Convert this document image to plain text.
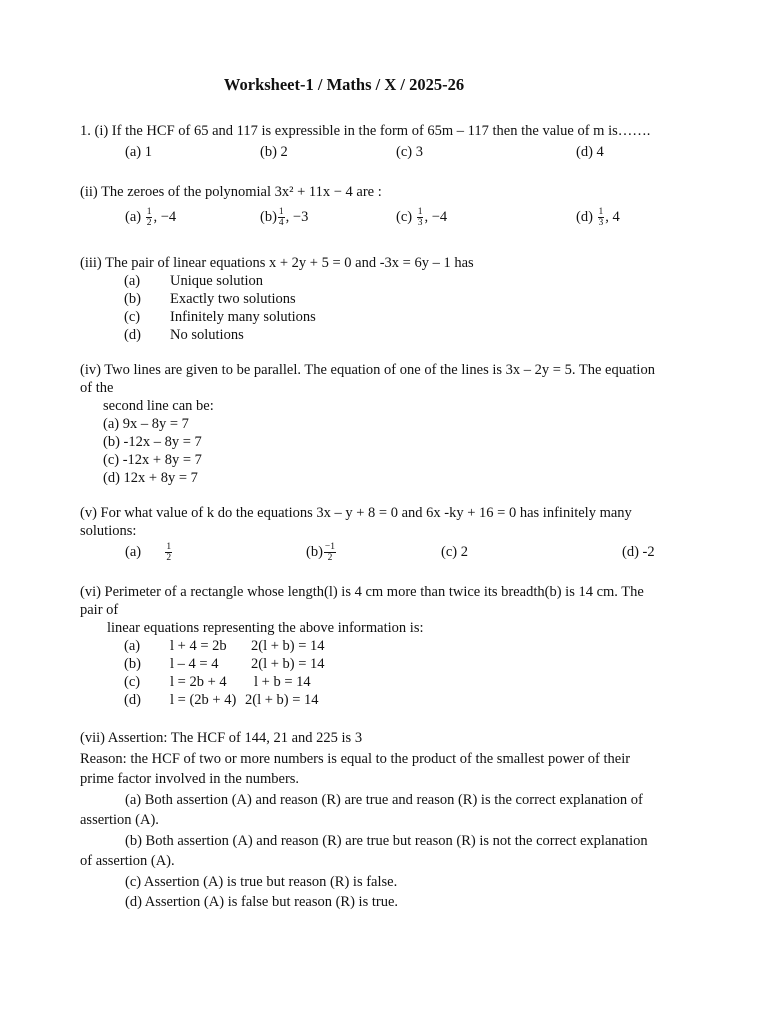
Worksheet-1 / Maths / X / 2025-26
1. (i) If the HCF of 65 and 117 is expressible in the form of 65m – 117 then the value of m is…….
(a) 1	(b) 2	(c) 3	(d) 4
(ii) The zeroes of the polynomial 3x² + 11x − 4 are :
$(a) \frac{1}{2}$ , −4	$(b) \frac{1}{4}$ , −3	$(c) \frac{1}{3}$ , −4	$(d) \frac{1}{3}$ , 4
(iii) The pair of linear equations x + 2y + 5 = 0 and -3x = 6y – 1 has
(a) Unique solution
(b) Exactly two solutions
(c) Infinitely many solutions
(d) No solutions
(iv) Two lines are given to be parallel. The equation of one of the lines is 3x – 2y = 5. The equation
of the
second line can be:
(a) 9x – 8y = 7
(b) -12x – 8y = 7
(c) -12x + 8y = 7
(d) 12x + 8y = 7
(v) For what value of k do the equations 3x – y + 8 = 0 and 6x -ky + 16 = 0 has infinitely many
solutions:
(a)	$\frac{1}{2}$	$(b) \frac{-1}{2}$	(c) 2	(d) -2
(vi) Perimeter of a rectangle whose length(l) is 4 cm more than twice its breadth(b) is 14 cm. The
pair of
linear equations representing the above information is:
(a) l + 4 = 2b 2(l + b) = 14
(b) l – 4 = 4 2(l + b) = 14
(c) l = 2b + 4 l + b = 14
(d) l = (2b + 4) 2(l + b) = 14
(vii) Assertion: The HCF of 144, 21 and 225 is 3
Reason: the HCF of two or more numbers is equal to the product of the smallest power of their
prime factor involved in the numbers.
(a) Both assertion (A) and reason (R) are true and reason (R) is the correct explanation of
assertion (A).
(b) Both assertion (A) and reason (R) are true but reason (R) is not the correct explanation
of assertion (A).
(c) Assertion (A) is true but reason (R) is false.
(d) Assertion (A) is false but reason (R) is true.
